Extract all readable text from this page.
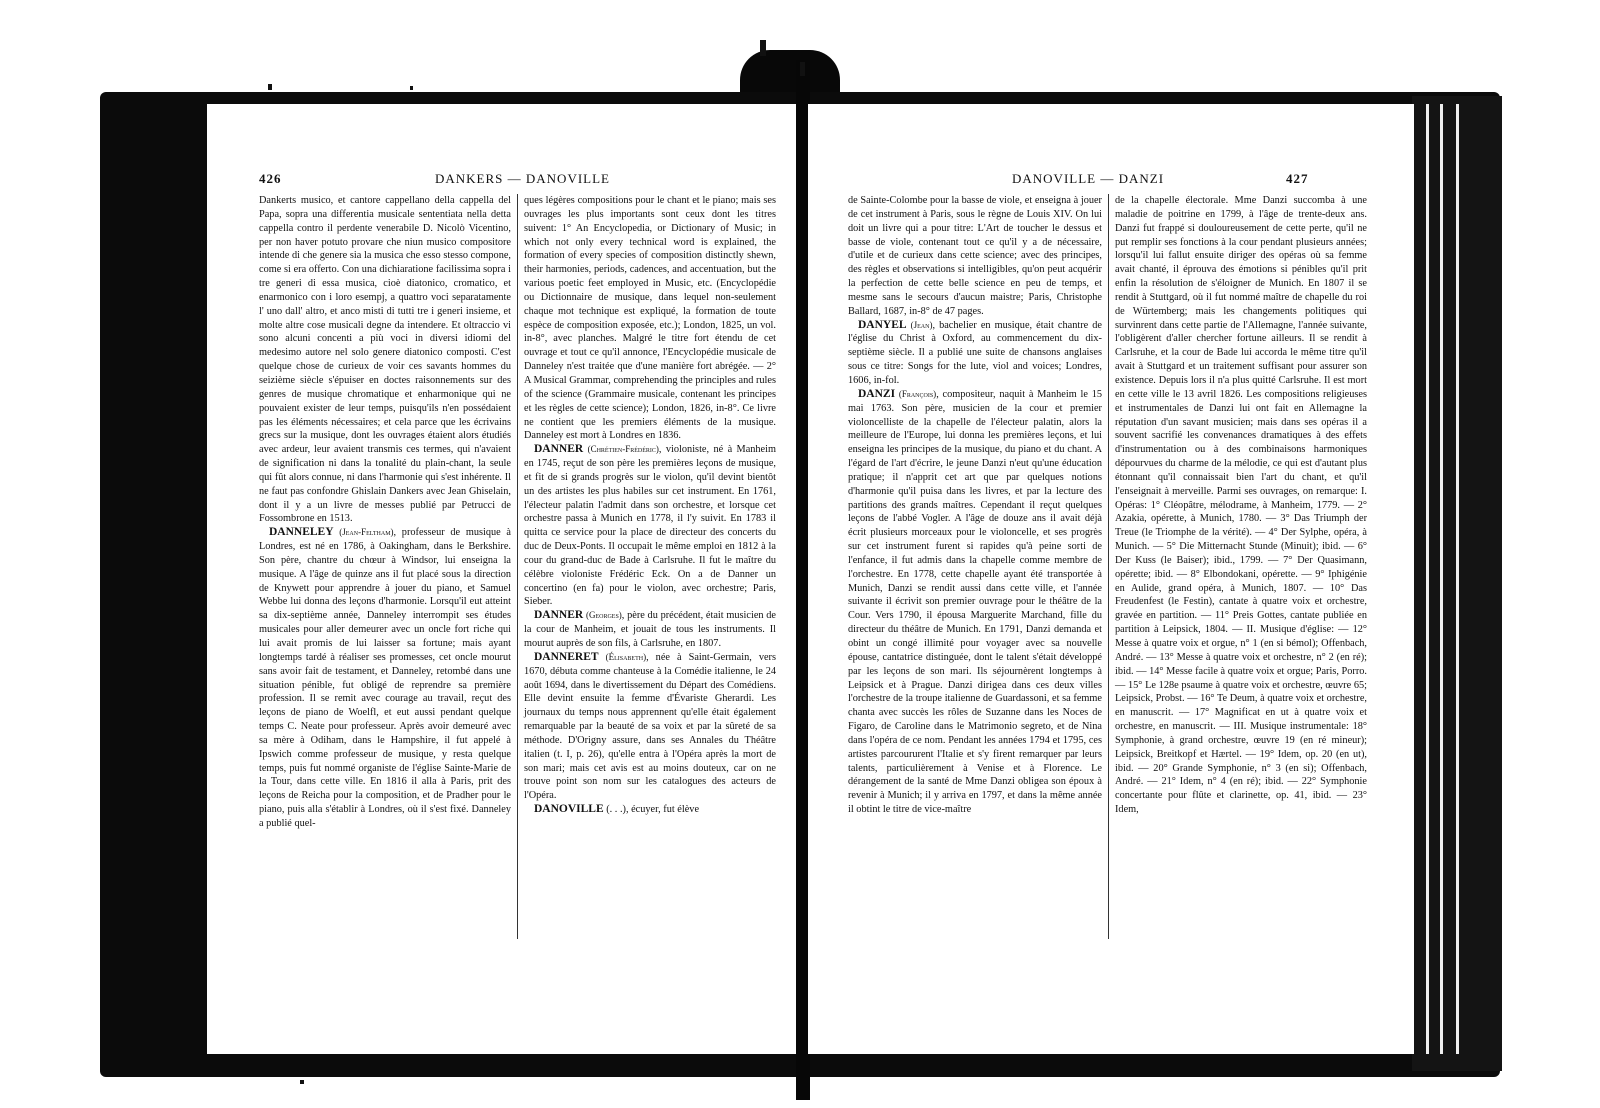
426	DANKERS — DANOVILLE

Dankerts musico, et cantore cappellano della cappella del Papa, sopra una differentia musicale sententiata nella detta cappella contro il perdente venerabile D. Nicolò Vicentino, per non haver potuto provare che niun musico compositore intende di che genere sia la musica che esso stesso compone, come si era offerto. Con una dichiaratione facilissima sopra i tre generi di essa musica, cioè diatonico, cromatico, et enarmonico con i loro esempj, a quattro voci separatamente l' uno dall' altro, et anco misti di tutti tre i generi insieme, et molte altre cose musicali degne da intendere. Et oltraccio vi sono alcuni concenti a più voci in diversi idiomi del medesimo autore nel solo genere diatonico composti. C'est quelque chose de curieux de voir ces savants hommes du seizième siècle s'épuiser en doctes raisonnements sur des genres de musique chromatique et enharmonique qui ne pouvaient exister de leur temps, puisqu'ils n'en possédaient pas les éléments nécessaires; et cela parce que les écrivains grecs sur la musique, dont les ouvrages étaient alors étudiés avec ardeur, leur avaient transmis ces termes, qui n'avaient de signification ni dans la tonalité du plain-chant, la seule qui fût alors connue, ni dans l'harmonie qui s'est inhérente. Il ne faut pas confondre Ghislain Dankers avec Jean Ghiselain, dont il y a un livre de messes publié par Petrucci de Fossombrone en 1513.

DANNELEY (Jean-Feltham), professeur de musique à Londres, est né en 1786, à Oakingham, dans le Berkshire. Son père, chantre du chœur à Windsor, lui enseigna la musique. A l'âge de quinze ans il fut placé sous la direction de Knywett pour apprendre à jouer du piano, et Samuel Webbe lui donna des leçons d'harmonie. Lorsqu'il eut atteint sa dix-septième année, Danneley interrompit ses études musicales pour aller demeurer avec un oncle fort riche qui lui avait promis de lui laisser sa fortune; mais ayant longtemps tardé à réaliser ses promesses, cet oncle mourut sans avoir fait de testament, et Danneley, retombé dans une situation pénible, fut obligé de reprendre sa première profession. Il se remit avec courage au travail, reçut des leçons de piano de Woelfl, et eut aussi pendant quelque temps C. Neate pour professeur. Après avoir demeuré avec sa mère à Odiham, dans le Hampshire, il fut appelé à Ipswich comme professeur de musique, y resta quelque temps, puis fut nommé organiste de l'église Sainte-Marie de la Tour, dans cette ville. En 1816 il alla à Paris, prit des leçons de Reicha pour la composition, et de Pradher pour le piano, puis alla s'établir à Londres, où il s'est fixé. Danneley a publié quel-

ques légères compositions pour le chant et le piano; mais ses ouvrages les plus importants sont ceux dont les titres suivent: 1° An Encyclopedia, or Dictionary of Music; in which not only every technical word is explained, the formation of every species of composition distinctly shewn, their harmonies, periods, cadences, and accentuation, but the various poetic feet employed in Music, etc. (Encyclopédie ou Dictionnaire de musique, dans lequel non-seulement chaque mot technique est expliqué, la formation de toute espèce de composition exposée, etc.); London, 1825, un vol. in-8°, avec planches. Malgré le titre fort étendu de cet ouvrage et tout ce qu'il annonce, l'Encyclopédie musicale de Danneley n'est traitée que d'une manière fort abrégée. — 2° A Musical Grammar, comprehending the principles and rules of the science (Grammaire musicale, contenant les principes et les règles de cette science); London, 1826, in-8°. Ce livre ne contient que les premiers éléments de la musique. Danneley est mort à Londres en 1836.

DANNER (Chrétien-Frédéric), violoniste, né à Manheim en 1745, reçut de son père les premières leçons de musique, et fit de si grands progrès sur le violon, qu'il devint bientôt un des artistes les plus habiles sur cet instrument. En 1761, l'électeur palatin l'admit dans son orchestre, et lorsque cet orchestre passa à Munich en 1778, il l'y suivit. En 1783 il quitta ce service pour la place de directeur des concerts du duc de Deux-Ponts. Il occupait le même emploi en 1812 à la cour du grand-duc de Bade à Carlsruhe. Il fut le maître du célèbre violoniste Frédéric Eck. On a de Danner un concertino (en fa) pour le violon, avec orchestre; Paris, Sieber.

DANNER (Georges), père du précédent, était musicien de la cour de Manheim, et jouait de tous les instruments. Il mourut auprès de son fils, à Carlsruhe, en 1807.

DANNERET (Élisabeth), née à Saint-Germain, vers 1670, débuta comme chanteuse à la Comédie italienne, le 24 août 1694, dans le divertissement du Départ des Comédiens. Elle devint ensuite la femme d'Évariste Gherardi. Les journaux du temps nous apprennent qu'elle était également remarquable par la beauté de sa voix et par la sûreté de sa méthode. D'Origny assure, dans ses Annales du Théâtre italien (t. I, p. 26), qu'elle entra à l'Opéra après la mort de son mari; mais cet avis est au moins douteux, car on ne trouve point son nom sur les catalogues des acteurs de l'Opéra.

DANOVILLE (. . .), écuyer, fut élève

DANOVILLE — DANZI	427

de Sainte-Colombe pour la basse de viole, et enseigna à jouer de cet instrument à Paris, sous le règne de Louis XIV. On lui doit un livre qui a pour titre: L'Art de toucher le dessus et basse de viole, contenant tout ce qu'il y a de nécessaire, d'utile et de curieux dans cette science; avec des principes, des règles et observations si intelligibles, qu'on peut acquérir la perfection de cette belle science en peu de temps, et mesme sans le secours d'aucun maistre; Paris, Christophe Ballard, 1687, in-8° de 47 pages.

DANYEL (Jean), bachelier en musique, était chantre de l'église du Christ à Oxford, au commencement du dix-septième siècle. Il a publié une suite de chansons anglaises sous ce titre: Songs for the lute, viol and voices; Londres, 1606, in-fol.

DANZI (François), compositeur, naquit à Manheim le 15 mai 1763. Son père, musicien de la cour et premier violoncelliste de la chapelle de l'électeur palatin, alors la meilleure de l'Europe, lui donna les premières leçons, et lui enseigna les principes de la musique, du piano et du chant. A l'égard de l'art d'écrire, le jeune Danzi n'eut qu'une éducation pratique; il n'apprit cet art que par quelques notions d'harmonie qu'il puisa dans les livres, et par la lecture des partitions des grands maîtres. Cependant il reçut quelques leçons de l'abbé Vogler. A l'âge de douze ans il avait déjà écrit plusieurs morceaux pour le violoncelle, et ses progrès sur cet instrument furent si rapides qu'à peine sorti de l'enfance, il fut admis dans la chapelle comme membre de l'orchestre. En 1778, cette chapelle ayant été transportée à Munich, Danzi se rendit aussi dans cette ville, et l'année suivante il écrivit son premier ouvrage pour le théâtre de la Cour. Vers 1790, il épousa Marguerite Marchand, fille du directeur du théâtre de Munich. En 1791, Danzi demanda et obint un congé illimité pour voyager avec sa nouvelle épouse, cantatrice distinguée, dont le talent s'était développé par les leçons de son mari. Ils séjournèrent longtemps à Leipsick et à Prague. Danzi dirigea dans ces deux villes l'orchestre de la troupe italienne de Guardassoni, et sa femme chanta avec succès les rôles de Suzanne dans les Noces de Figaro, de Caroline dans le Matrimonio segreto, et de Nina dans l'opéra de ce nom. Pendant les années 1794 et 1795, ces artistes parcoururent l'Italie et s'y firent remarquer par leurs talents, particulièrement à Venise et à Florence. Le dérangement de la santé de Mme Danzi obligea son époux à revenir à Munich; il y arriva en 1797, et dans la même année il obtint le titre de vice-maître

de la chapelle électorale. Mme Danzi succomba à une maladie de poitrine en 1799, à l'âge de trente-deux ans. Danzi fut frappé si douloureusement de cette perte, qu'il ne put remplir ses fonctions à la cour pendant plusieurs années; lorsqu'il lui fallut ensuite diriger des opéras où sa femme avait chanté, il éprouva des émotions si pénibles qu'il prit enfin la résolution de s'éloigner de Munich. En 1807 il se rendit à Stuttgard, où il fut nommé maître de chapelle du roi de Würtemberg; mais les changements politiques qui survinrent dans cette partie de l'Allemagne, l'année suivante, l'obligèrent d'aller chercher fortune ailleurs. Il se rendit à Carlsruhe, et la cour de Bade lui accorda le même titre qu'il avait à Stuttgard et un traitement suffisant pour assurer son existence. Depuis lors il n'a plus quitté Carlsruhe. Il est mort en cette ville le 13 avril 1826. Les compositions religieuses et instrumentales de Danzi lui ont fait en Allemagne la réputation d'un savant musicien; mais dans ses opéras il a souvent sacrifié les convenances dramatiques à des effets d'instrumentation ou à des combinaisons harmoniques dépourvues du charme de la mélodie, ce qui est d'autant plus étonnant qu'il connaissait bien l'art du chant, et qu'il l'enseignait à merveille. Parmi ses ouvrages, on remarque: I. Opéras: 1° Cléopâtre, mélodrame, à Manheim, 1779. — 2° Azakia, opérette, à Munich, 1780. — 3° Das Triumph der Treue (le Triomphe de la vérité). — 4° Der Sylphe, opéra, à Munich. — 5° Die Mitternacht Stunde (Minuit); ibid. — 6° Der Kuss (le Baiser); ibid., 1799. — 7° Der Quasimann, opérette; ibid. — 8° Elbondokani, opérette. — 9° Iphigénie en Aulide, grand opéra, à Munich, 1807. — 10° Das Freudenfest (le Festin), cantate à quatre voix et orchestre, gravée en partition. — 11° Preis Gottes, cantate publiée en partition à Leipsick, 1804. — II. Musique d'église: — 12° Messe à quatre voix et orgue, n° 1 (en si bémol); Offenbach, André. — 13° Messe à quatre voix et orchestre, n° 2 (en ré); ibid. — 14° Messe facile à quatre voix et orgue; Paris, Porro. — 15° Le 128e psaume à quatre voix et orchestre, œuvre 65; Leipsick, Probst. — 16° Te Deum, à quatre voix et orchestre, en manuscrit. — 17° Magnificat en ut à quatre voix et orchestre, en manuscrit. — III. Musique instrumentale: 18° Symphonie, à grand orchestre, œuvre 19 (en ré mineur); Leipsick, Breitkopf et Hærtel. — 19° Idem, op. 20 (en ut), ibid. — 20° Grande Symphonie, n° 3 (en si); Offenbach, André. — 21° Idem, n° 4 (en ré); ibid. — 22° Symphonie concertante pour flûte et clarinette, op. 41, ibid. — 23° Idem,
